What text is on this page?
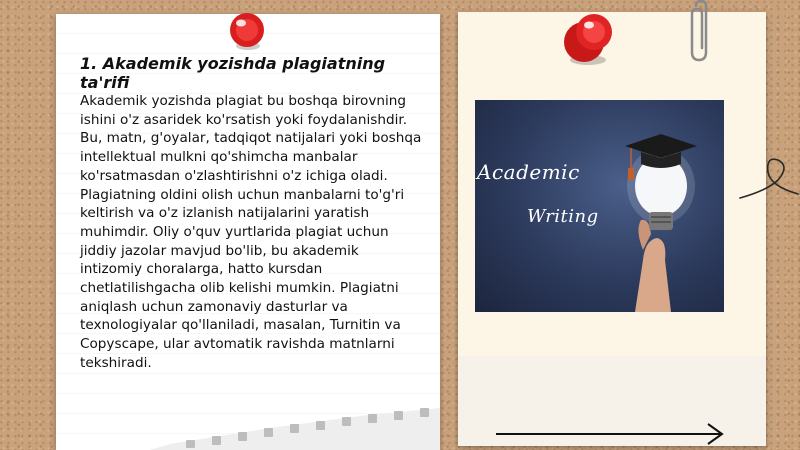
1. Akademik yozishda plagiatning ta'rifi

Akademik yozishda plagiat bu boshqa birovning ishini o'z asaridek ko'rsatish yoki foydalanishdir. Bu, matn, g'oyalar, tadqiqot natijalari yoki boshqa intellektual mulkni qo'shimcha manbalar ko'rsatmasdan o'zlashtirishni o'z ichiga oladi. Plagiatning oldini olish uchun manbalarni to'g'ri keltirish va o'z izlanish natijalarini yaratish muhimdir. Oliy o'quv yurtlarida plagiat uchun jiddiy jazolar mavjud bo'lib, bu akademik intizomiy choralarga, hatto kursdan chetlatilishgacha olib kelishi mumkin. Plagiatni aniqlash uchun zamonaviy dasturlar va texnologiyalar qo'llaniladi, masalan, Turnitin va Copyscape, ular avtomatik ravishda matnlarni tekshiradi.

Academic
Writing
